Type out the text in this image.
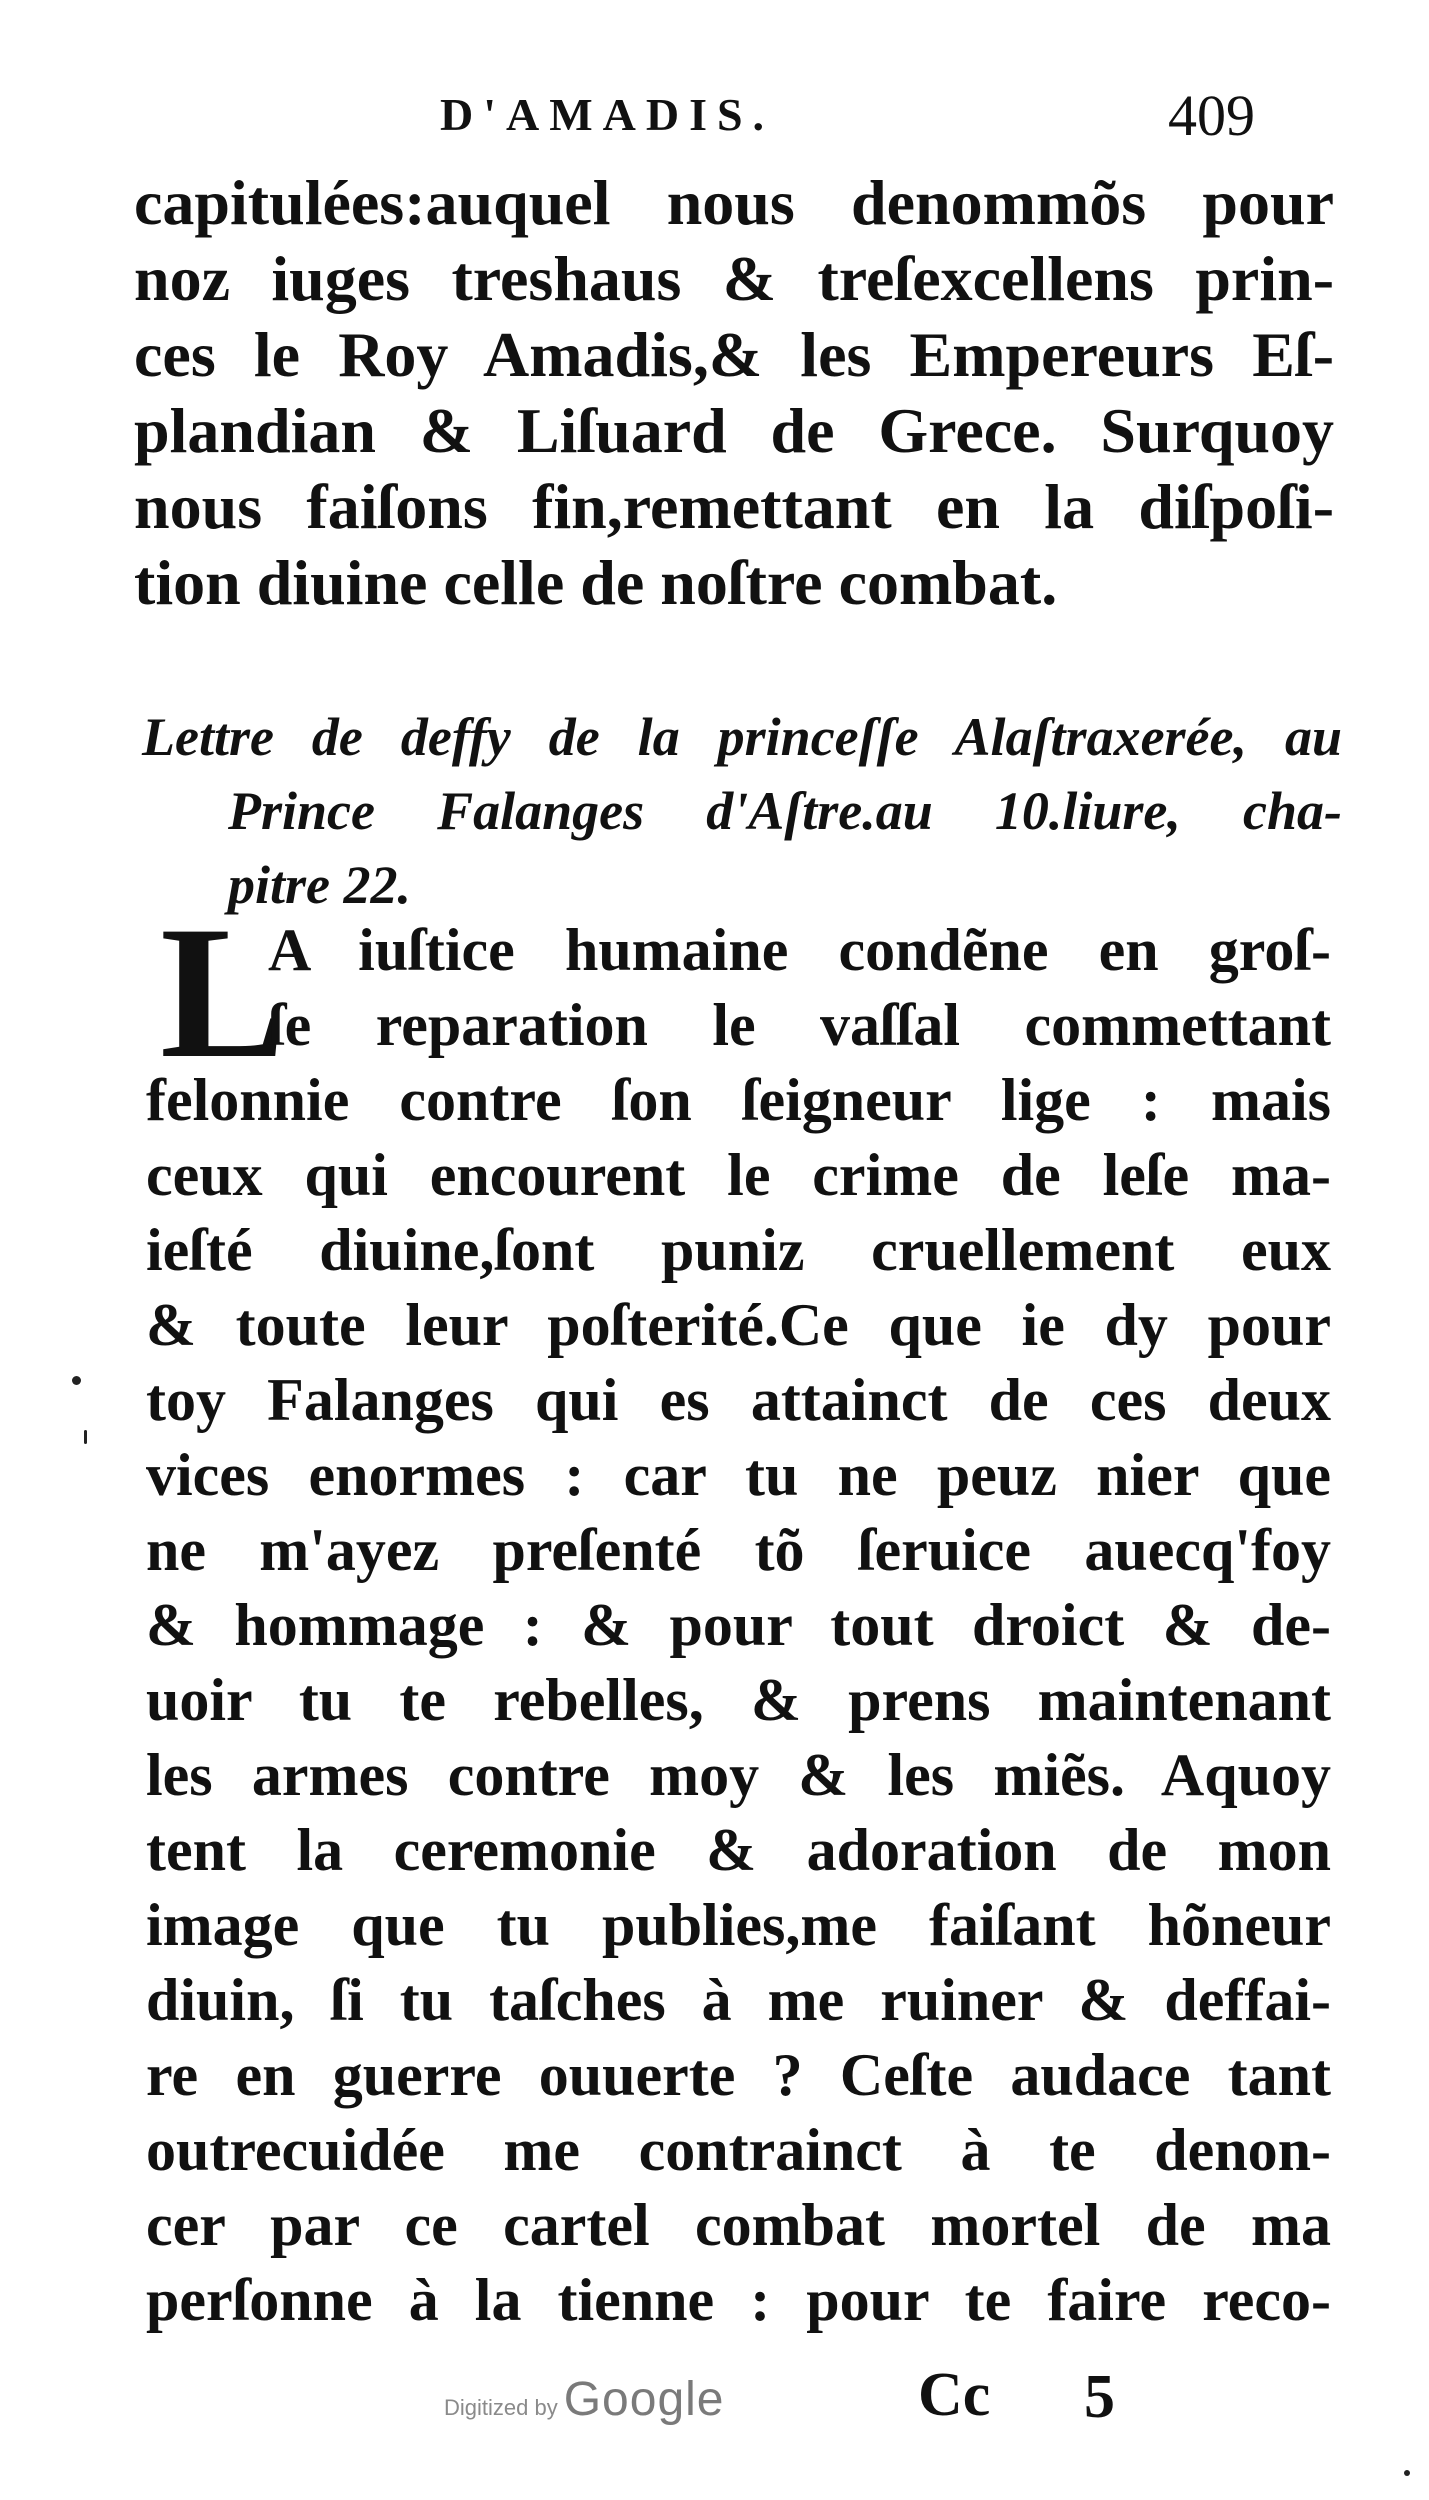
D'AMADIS.	409
capitulées:auquel nous denommõs pour
noz iuges treshaus & treſexcellens prin-
ces le Roy Amadis,& les Empereurs Eſ-
plandian & Liſuard de Grece. Surquoy
nous faiſons fin,remettant en la diſpoſi-
tion diuine celle de noſtre combat.
Lettre de deffy de la princeſſe Alaſtraxerée, au
Prince Falanges d'Aſtre.au 10.liure, cha-
pitre 22.
L
A iuſtice humaine condẽne en groſ-
ſe reparation le vaſſal commettant
felonnie contre ſon ſeigneur lige : mais
ceux qui encourent le crime de leſe ma-
ieſté diuine,ſont puniz cruellement eux
& toute leur poſterité.Ce que ie dy pour
toy Falanges qui es attainct de ces deux
vices enormes : car tu ne peuz nier que
ne m'ayez preſenté tõ ſeruice auecq'foy
& hommage : & pour tout droict & de-
uoir tu te rebelles, & prens maintenant
les armes contre moy & les miẽs. Aquoy
tent la ceremonie & adoration de mon
image que tu publies,me faiſant hõneur
diuin, ſi tu taſches à me ruiner & deffai-
re en guerre ouuerte ? Ceſte audace tant
outrecuidée me contrainct à te denon-
cer par ce cartel combat mortel de ma
perſonne à la tienne : pour te faire reco-
Digitized by Google	Cc 5
